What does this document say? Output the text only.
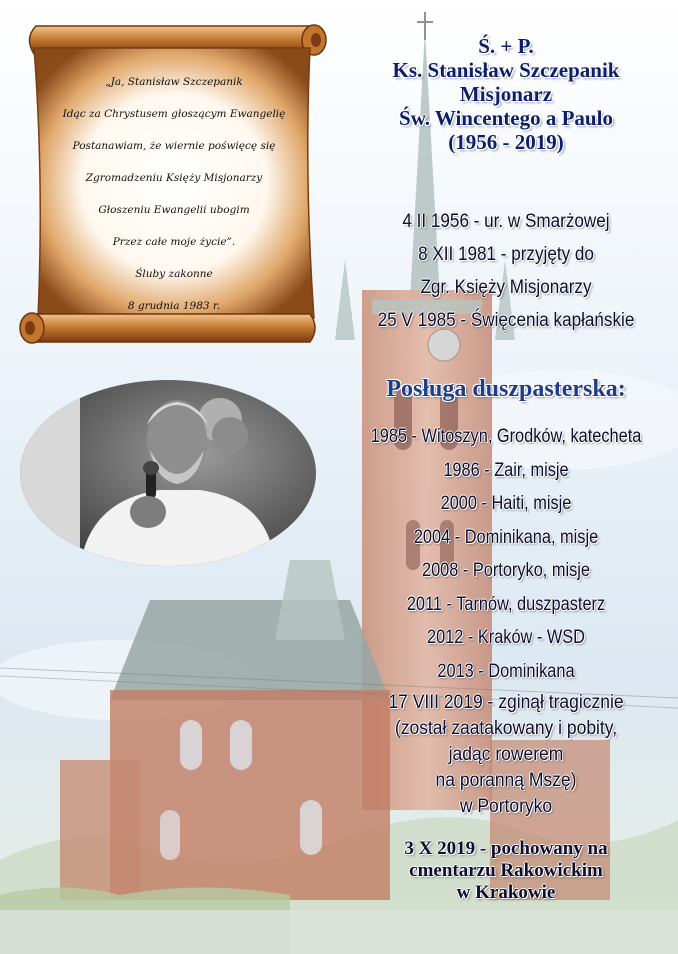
„Ja, Stanisław Szczepanik
Idąc za Chrystusem głoszącym Ewangelię
Postanawiam, że wiernie poświęcę się
Zgromadzeniu Księży Misjonarzy
Głoszeniu Ewangelii ubogim
Przez całe moje życie”.
Śluby zakonne
8 grudnia 1983 r.
Ś. + P.
Ks. Stanisław Szczepanik
Misjonarz
Św. Wincentego a Paulo
(1956 - 2019)
4 II 1956 - ur. w Smarżowej
8 XII 1981 - przyjęty do
Zgr. Księży Misjonarzy
25 V 1985 - Święcenia kapłańskie
Posługa duszpasterska:
1985 - Witoszyn, Grodków, katecheta
1986 - Zair, misje
2000 - Haiti, misje
2004 - Dominikana, misje
2008 - Portoryko, misje
2011 - Tarnów, duszpasterz
2012 - Kraków - WSD
2013 - Dominikana
17 VIII 2019 - zginął tragicznie
(został zaatakowany i pobity,
jadąc rowerem
na poranną Mszę)
w Portoryko
3 X 2019 - pochowany na
cmentarzu Rakowickim
w Krakowie
